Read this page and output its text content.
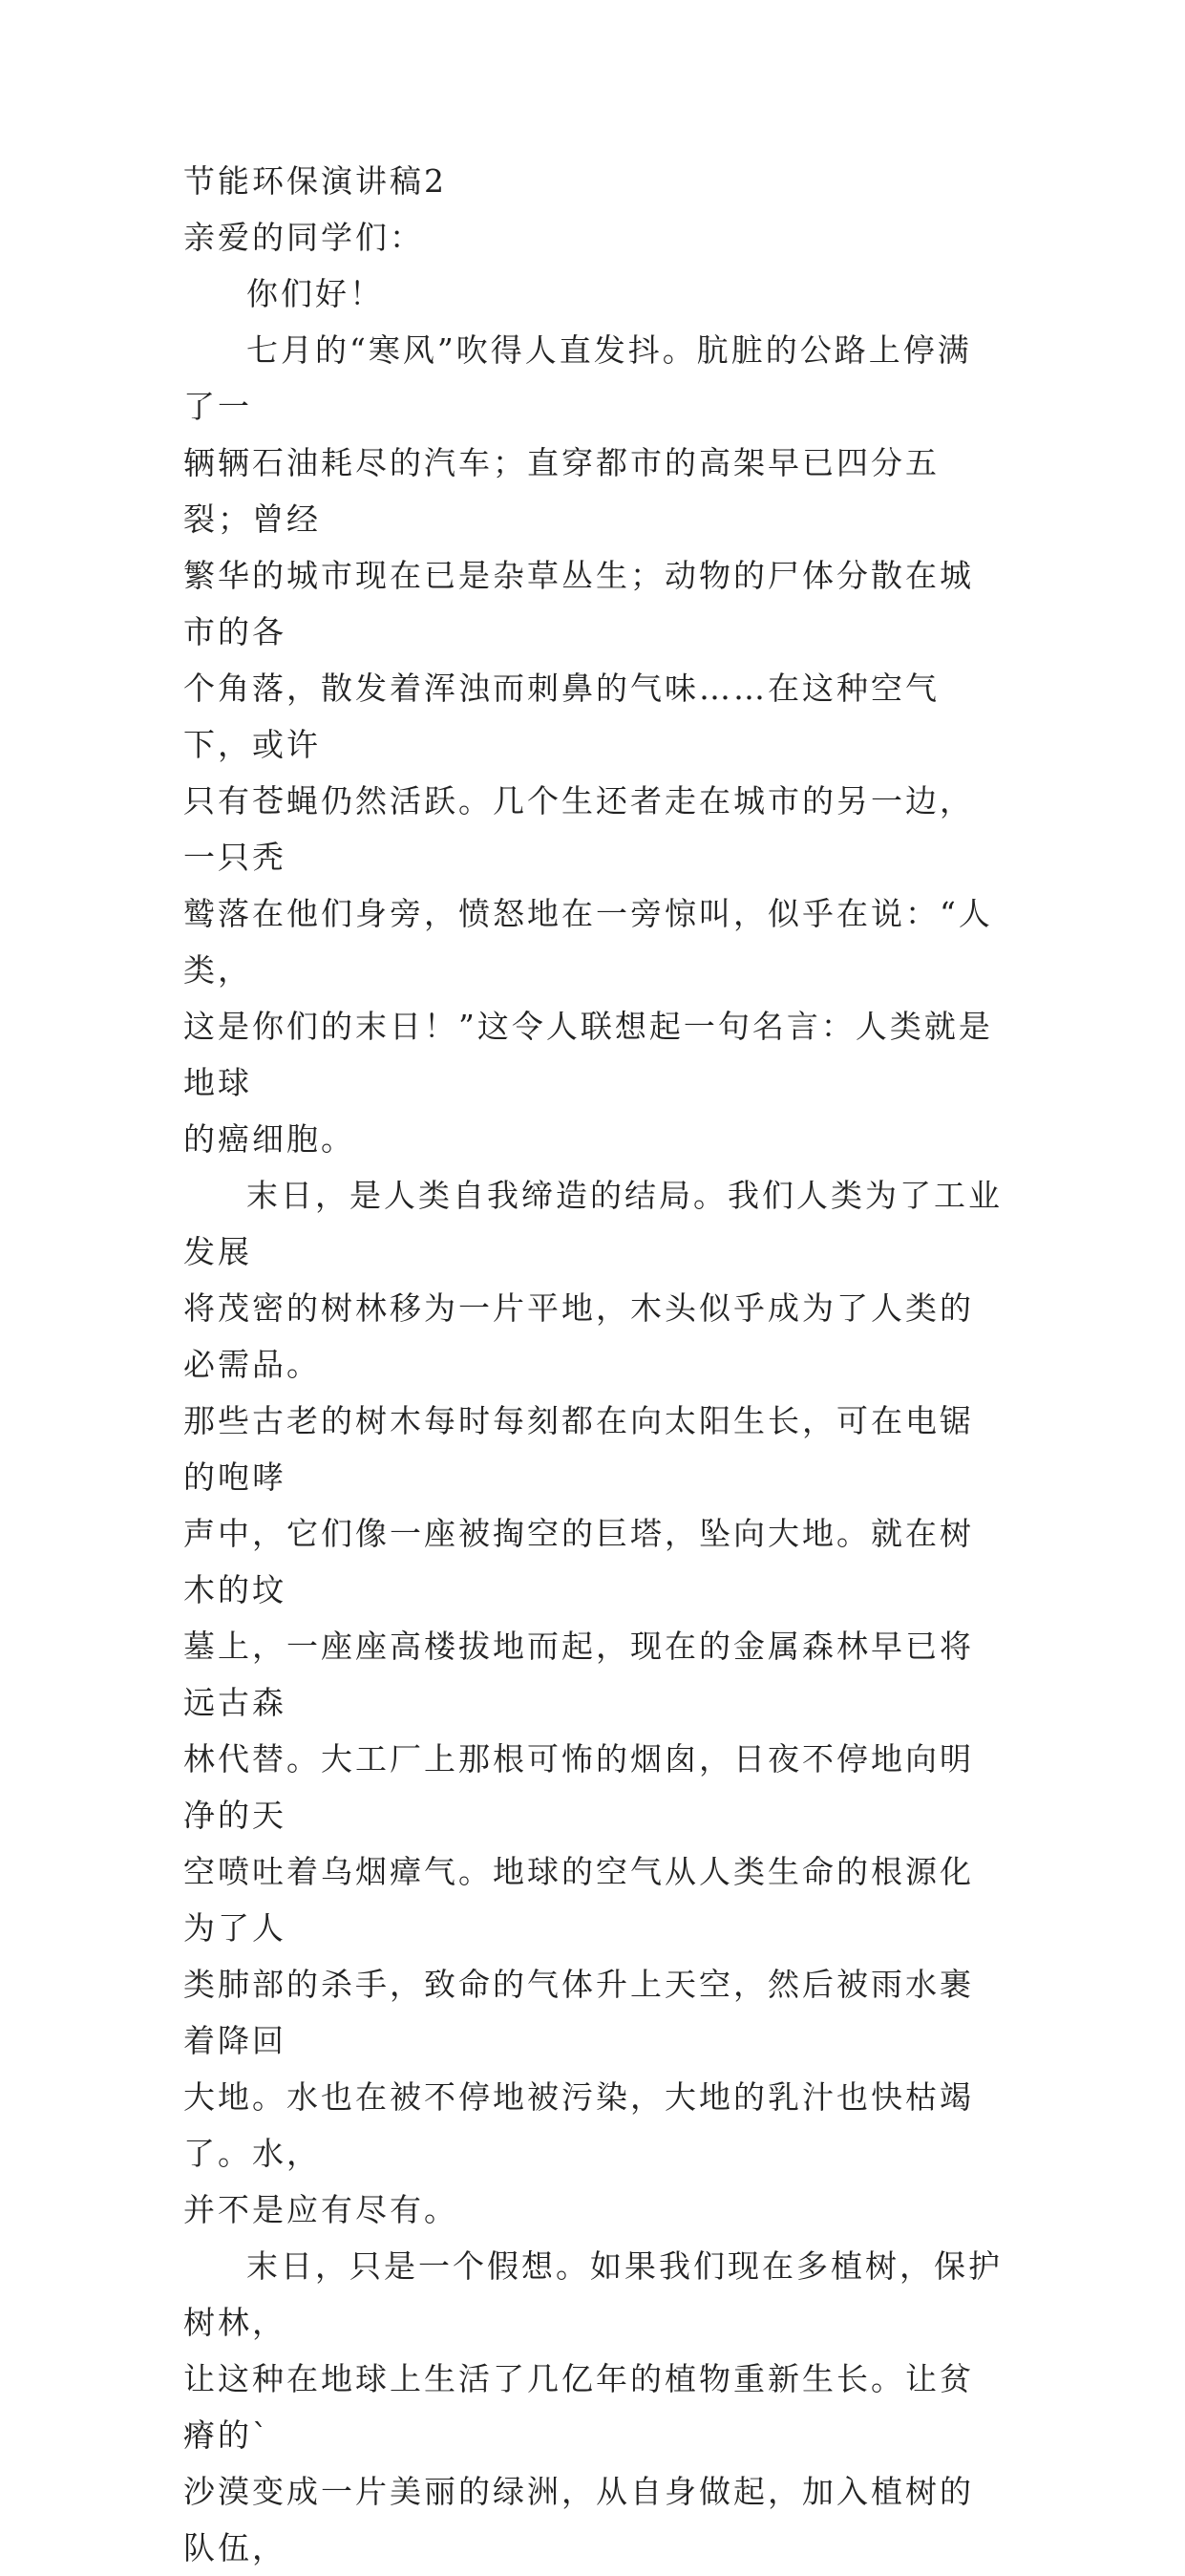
节能环保演讲稿2

亲爱的同学们：

你们好！

七月的“寒风”吹得人直发抖。肮脏的公路上停满了一
辆辆石油耗尽的汽车；直穿都市的高架早已四分五裂；曾经
繁华的城市现在已是杂草丛生；动物的尸体分散在城市的各
个角落，散发着浑浊而刺鼻的气味……在这种空气下，或许
只有苍蝇仍然活跃。几个生还者走在城市的另一边，一只秃
鹫落在他们身旁，愤怒地在一旁惊叫，似乎在说：“人类，
这是你们的末日！”这令人联想起一句名言：人类就是地球
的癌细胞。

末日，是人类自我缔造的结局。我们人类为了工业发展
将茂密的树林移为一片平地，木头似乎成为了人类的必需品。
那些古老的树木每时每刻都在向太阳生长，可在电锯的咆哮
声中，它们像一座被掏空的巨塔，坠向大地。就在树木的坟
墓上，一座座高楼拔地而起，现在的金属森林早已将远古森
林代替。大工厂上那根可怖的烟囱，日夜不停地向明净的天
空喷吐着乌烟瘴气。地球的空气从人类生命的根源化为了人
类肺部的杀手，致命的气体升上天空，然后被雨水裹着降回
大地。水也在被不停地被污染，大地的乳汁也快枯竭了。水，
并不是应有尽有。

末日，只是一个假想。如果我们现在多植树，保护树林，
让这种在地球上生活了几亿年的植物重新生长。让贫瘠的`
沙漠变成一片美丽的绿洲，从自身做起，加入植树的队伍，
